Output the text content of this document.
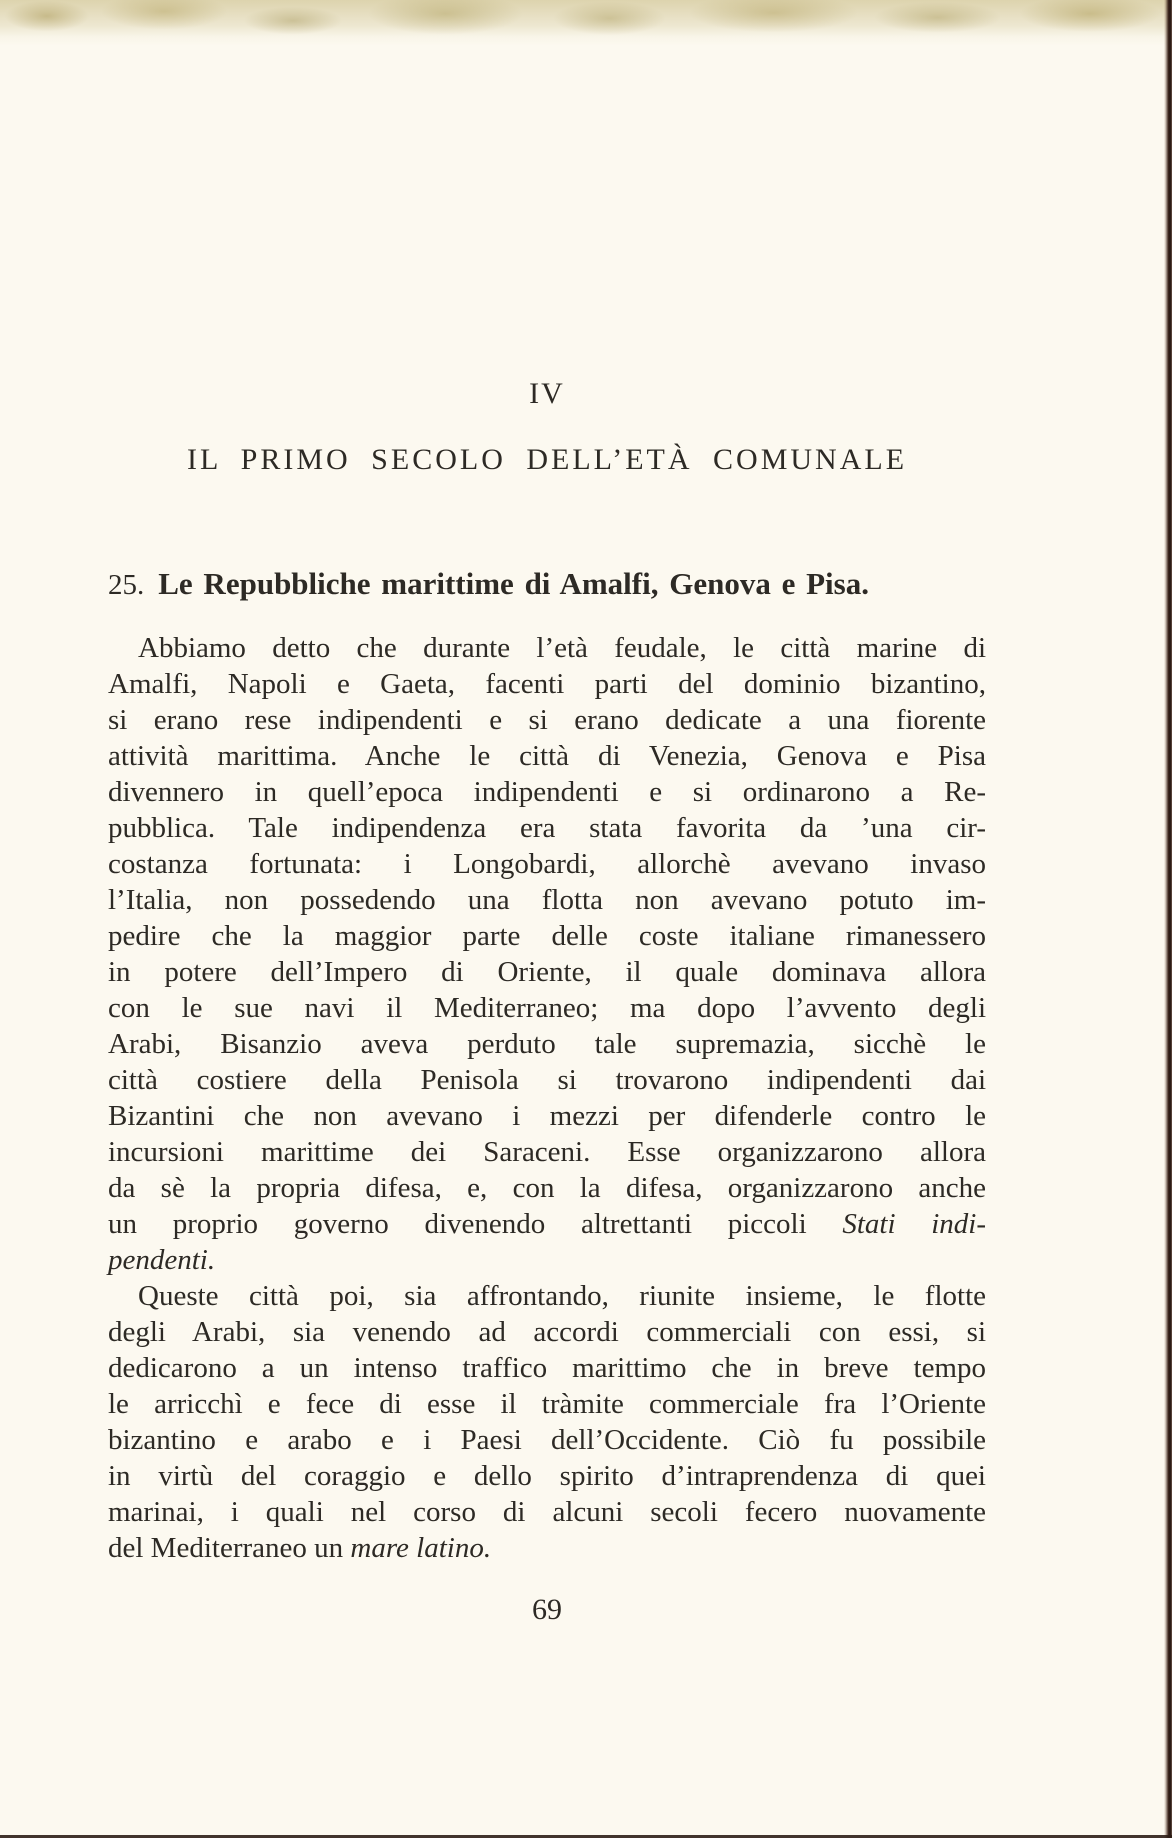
IV
IL PRIMO SECOLO DELL’ETÀ COMUNALE
25. Le Repubbliche marittime di Amalfi, Genova e Pisa.
Abbiamo detto che durante l’età feudale, le città marine di
Amalfi, Napoli e Gaeta, facenti parti del dominio bizantino,
si erano rese indipendenti e si erano dedicate a una fiorente
attività marittima. Anche le città di Venezia, Genova e Pisa
divennero in quell’epoca indipendenti e si ordinarono a Re-
pubblica. Tale indipendenza era stata favorita da ’una cir-
costanza fortunata: i Longobardi, allorchè avevano invaso
l’Italia, non possedendo una flotta non avevano potuto im-
pedire che la maggior parte delle coste italiane rimanessero
in potere dell’Impero di Oriente, il quale dominava allora
con le sue navi il Mediterraneo; ma dopo l’avvento degli
Arabi, Bisanzio aveva perduto tale supremazia, sicchè le
città costiere della Penisola si trovarono indipendenti dai
Bizantini che non avevano i mezzi per difenderle contro le
incursioni marittime dei Saraceni. Esse organizzarono allora
da sè la propria difesa, e, con la difesa, organizzarono anche
un proprio governo divenendo altrettanti piccoli Stati indi-
pendenti.
Queste città poi, sia affrontando, riunite insieme, le flotte
degli Arabi, sia venendo ad accordi commerciali con essi, si
dedicarono a un intenso traffico marittimo che in breve tempo
le arricchì e fece di esse il tràmite commerciale fra l’Oriente
bizantino e arabo e i Paesi dell’Occidente. Ciò fu possibile
in virtù del coraggio e dello spirito d’intraprendenza di quei
marinai, i quali nel corso di alcuni secoli fecero nuovamente
del Mediterraneo un mare latino.
69
